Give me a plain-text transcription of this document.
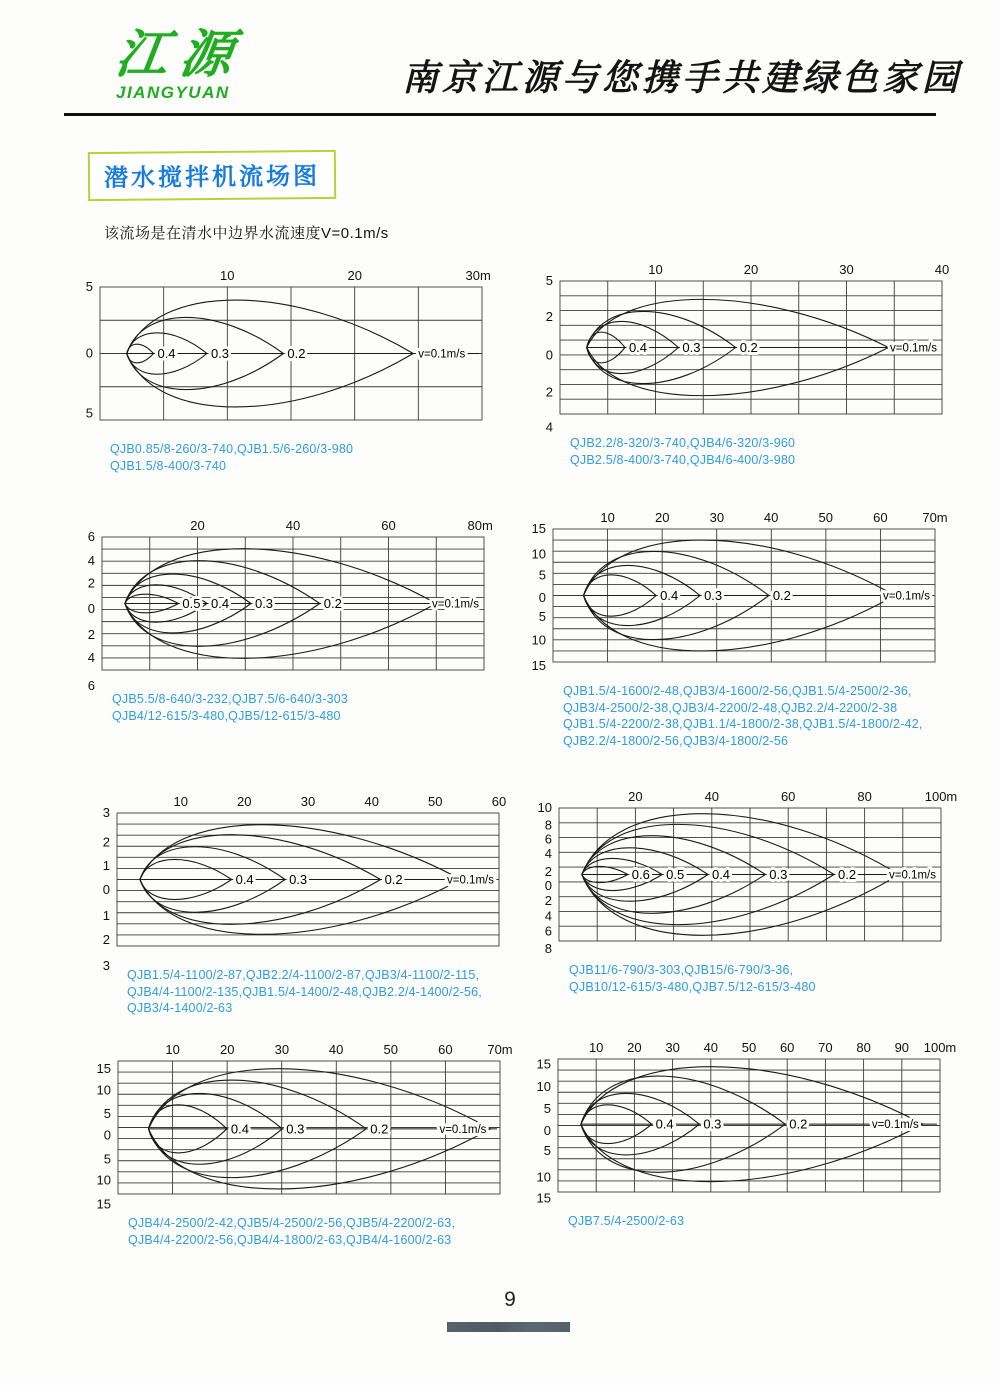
江源
JIANGYUAN	南京江源与您携手共建绿色家园
潜水搅拌机流场图
该流场是在清水中边界水流速度V=0.1m/s
10	20	30m
5
0
5
0.4	0.3	0.2	v=0.1m/s
QJB0.85/8-260/3-740,QJB1.5/6-260/3-980
QJB1.5/8-400/3-740
10	20	30	40
5
2
0
2
4
0.4	0.3	0.2	v=0.1m/s
QJB2.2/8-320/3-740,QJB4/6-320/3-960
QJB2.5/8-400/3-740,QJB4/6-400/3-980
20	40	60	80m
6
4
2
0
2
4
6
0.5 0.4 0.3	0.2	v=0.1m/s
QJB5.5/8-640/3-232,QJB7.5/6-640/3-303
QJB4/12-615/3-480,QJB5/12-615/3-480
10	20	30	40	50	60	70m
15
10
5
0
5
10
15
0.4 0.3	0.2	v=0.1m/s
QJB1.5/4-1600/2-48,QJB3/4-1600/2-56,QJB1.5/4-2500/2-36,
QJB3/4-2500/2-38,QJB3/4-2200/2-48,QJB2.2/4-2200/2-38
QJB1.5/4-2200/2-38,QJB1.1/4-1800/2-38,QJB1.5/4-1800/2-42,
QJB2.2/4-1800/2-56,QJB3/4-1800/2-56
10	20	30	40	50	60
3
2
1
0
1
2
3
0.4	0.3	0.2	v=0.1m/s
QJB1.5/4-1100/2-87,QJB2.2/4-1100/2-87,QJB3/4-1100/2-115,
QJB4/4-1100/2-135,QJB1.5/4-1400/2-48,QJB2.2/4-1400/2-56,
QJB3/4-1400/2-63
20	40	60	80	100m
10
8
6
4
2
0
2
4
6
8
0.6 0.5 0.4	0.3	0.2	v=0.1m/s
QJB11/6-790/3-303,QJB15/6-790/3-36,
QJB10/12-615/3-480,QJB7.5/12-615/3-480
10	20	30	40	50	60	70m
15
10
5
0
5
10
15
0.4	0.3	0.2	v=0.1m/s
QJB4/4-2500/2-42,QJB5/4-2500/2-56,QJB5/4-2200/2-63,
QJB4/4-2200/2-56,QJB4/4-1800/2-63,QJB4/4-1600/2-63
10 20 30 40 50 60 70 80 90 100m
15
10
5
0
5
10
15
0.4 0.3	0.2	v=0.1m/s
QJB7.5/4-2500/2-63
9
